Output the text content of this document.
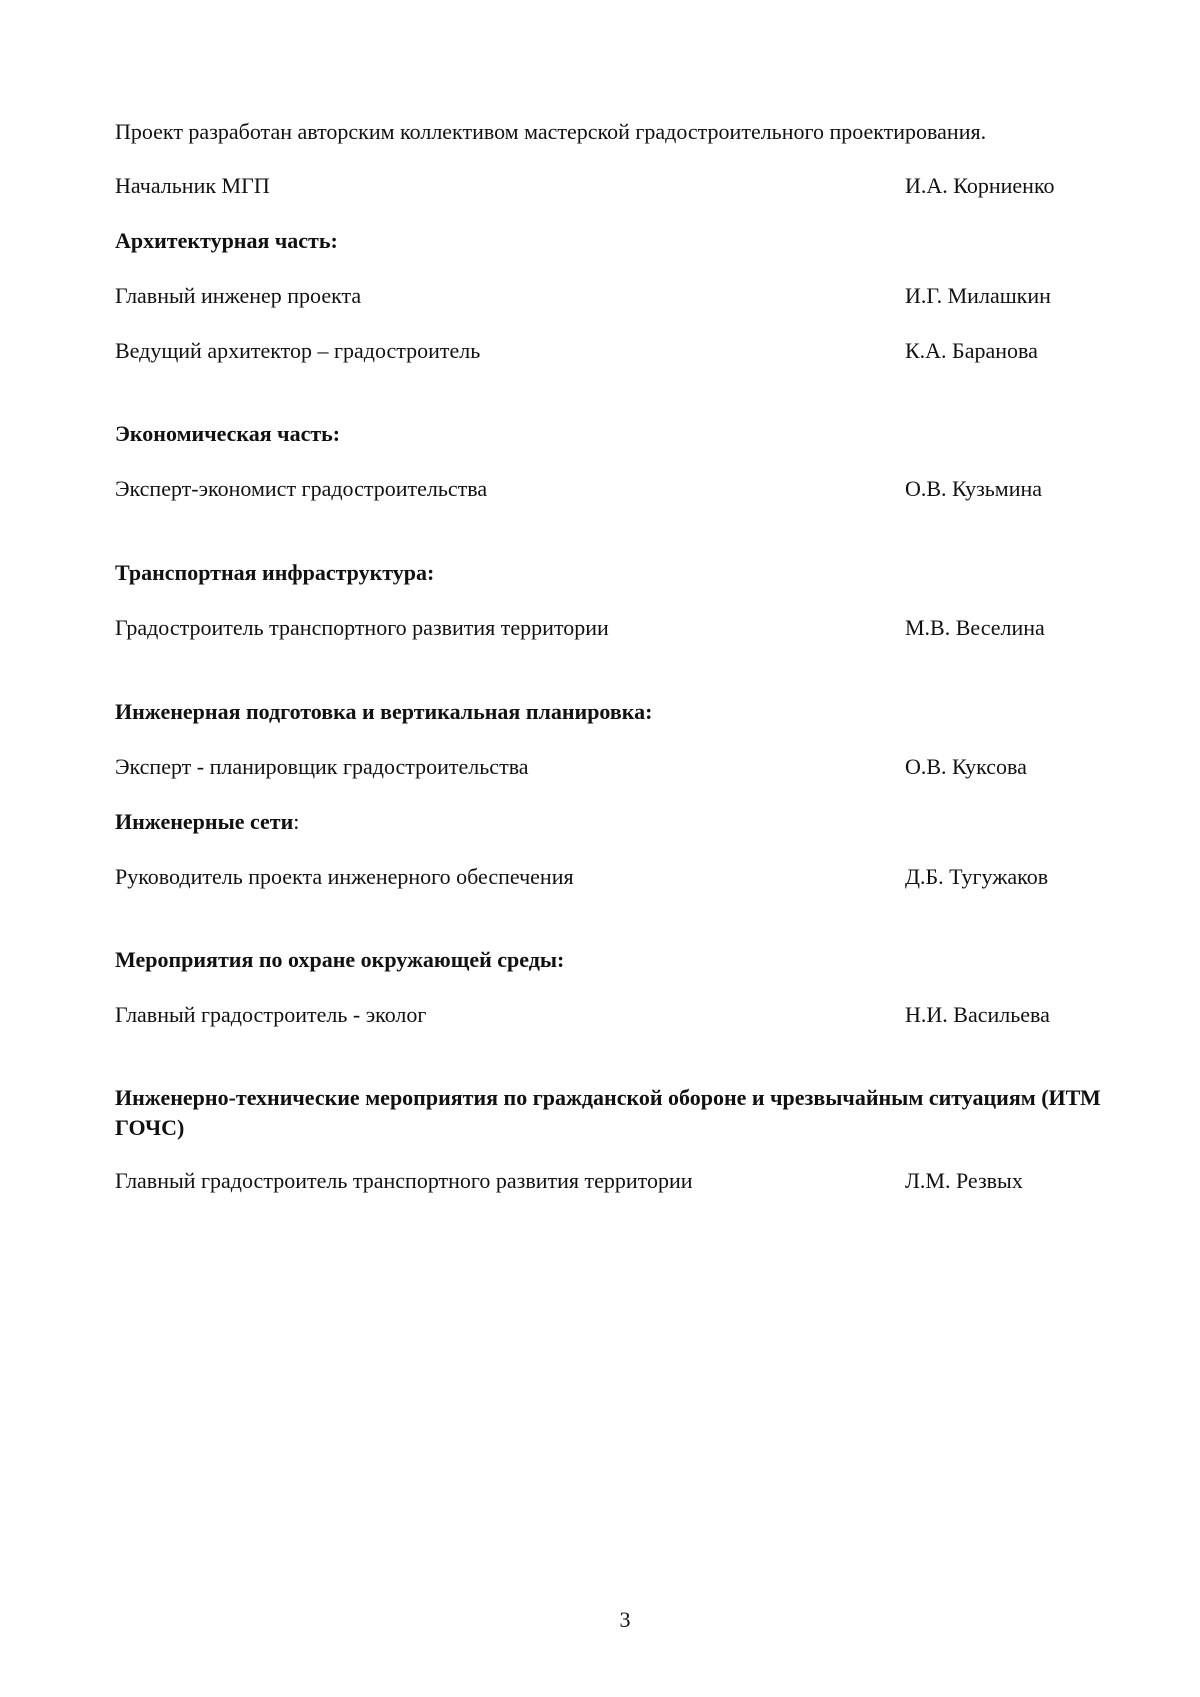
Проект разработан авторским коллективом мастерской градостроительного проектирования.
Начальник МГП	И.А. Корниенко
Архитектурная часть:
Главный инженер проекта	И.Г. Милашкин
Ведущий архитектор – градостроитель	К.А. Баранова
Экономическая часть:
Эксперт-экономист градостроительства	О.В. Кузьмина
Транспортная инфраструктура:
Градостроитель транспортного развития территории	М.В. Веселина
Инженерная подготовка и вертикальная планировка:
Эксперт - планировщик градостроительства	О.В. Куксова
Инженерные сети:
Руководитель проекта инженерного обеспечения	Д.Б. Тугужаков
Мероприятия по охране окружающей среды:
Главный градостроитель - эколог	Н.И. Васильева
Инженерно-технические мероприятия по гражданской обороне и чрезвычайным ситуациям (ИТМ ГОЧС)
Главный градостроитель транспортного развития территории	Л.М. Резвых
3
